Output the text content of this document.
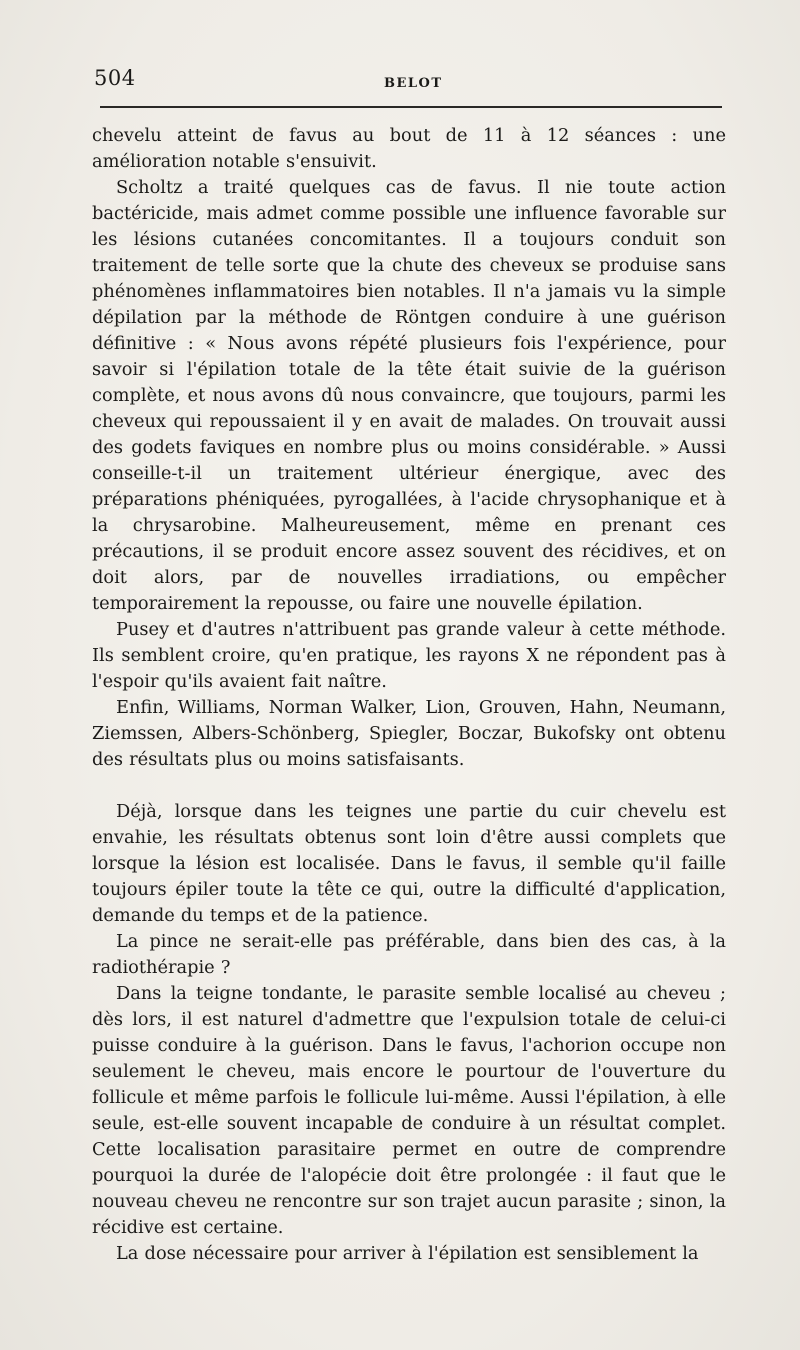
504	BELOT

chevelu atteint de favus au bout de 11 à 12 séances : une amélioration notable s'ensuivit.

Scholtz a traité quelques cas de favus. Il nie toute action bactéricide, mais admet comme possible une influence favorable sur les lésions cutanées concomitantes. Il a toujours conduit son traitement de telle sorte que la chute des cheveux se produise sans phénomènes inflammatoires bien notables. Il n'a jamais vu la simple dépilation par la méthode de Röntgen conduire à une guérison définitive : « Nous avons répété plusieurs fois l'expérience, pour savoir si l'épilation totale de la tête était suivie de la guérison complète, et nous avons dû nous convaincre, que toujours, parmi les cheveux qui repoussaient il y en avait de malades. On trouvait aussi des godets faviques en nombre plus ou moins considérable. » Aussi conseille-t-il un traitement ultérieur énergique, avec des préparations phéniquées, pyrogallées, à l'acide chrysophanique et à la chrysarobine. Malheureusement, même en prenant ces précautions, il se produit encore assez souvent des récidives, et on doit alors, par de nouvelles irradiations, ou empêcher temporairement la repousse, ou faire une nouvelle épilation.

Pusey et d'autres n'attribuent pas grande valeur à cette méthode. Ils semblent croire, qu'en pratique, les rayons X ne répondent pas à l'espoir qu'ils avaient fait naître.

Enfin, Williams, Norman Walker, Lion, Grouven, Hahn, Neumann, Ziemssen, Albers-Schönberg, Spiegler, Boczar, Bukofsky ont obtenu des résultats plus ou moins satisfaisants.

Déjà, lorsque dans les teignes une partie du cuir chevelu est envahie, les résultats obtenus sont loin d'être aussi complets que lorsque la lésion est localisée. Dans le favus, il semble qu'il faille toujours épiler toute la tête ce qui, outre la difficulté d'application, demande du temps et de la patience.

La pince ne serait-elle pas préférable, dans bien des cas, à la radiothérapie ?

Dans la teigne tondante, le parasite semble localisé au cheveu ; dès lors, il est naturel d'admettre que l'expulsion totale de celui-ci puisse conduire à la guérison. Dans le favus, l'achorion occupe non seulement le cheveu, mais encore le pourtour de l'ouverture du follicule et même parfois le follicule lui-même. Aussi l'épilation, à elle seule, est-elle souvent incapable de conduire à un résultat complet. Cette localisation parasitaire permet en outre de comprendre pourquoi la durée de l'alopécie doit être prolongée : il faut que le nouveau cheveu ne rencontre sur son trajet aucun parasite ; sinon, la récidive est certaine.

La dose nécessaire pour arriver à l'épilation est sensiblement la
